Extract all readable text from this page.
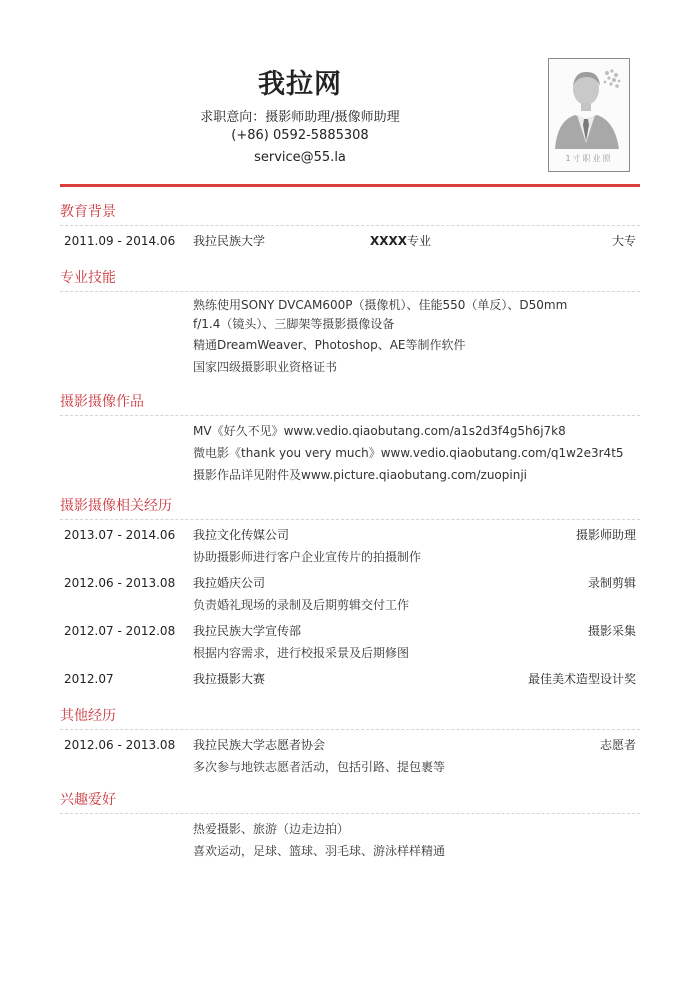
我拉网
求职意向：摄影师助理/摄像师助理
(+86) 0592-5885308
service@55.la	1寸职业照
教育背景
2011.09 - 2014.06 我拉民族大学	XXXX专业	大专
专业技能
熟练使用SONY DVCAM600P（摄像机）、佳能550（单反）、D50mm f/1.4（镜头）、三脚架等摄影摄像设备
精通DreamWeaver、Photoshop、AE等制作软件
国家四级摄影职业资格证书
摄影摄像作品
MV《好久不见》www.vedio.qiaobutang.com/a1s2d3f4g5h6j7k8
微电影《thank you very much》www.vedio.qiaobutang.com/q1w2e3r4t5
摄影作品详见附件及www.picture.qiaobutang.com/zuopinji
摄影摄像相关经历
2013.07 - 2014.06 我拉文化传媒公司	摄影师助理
协助摄影师进行客户企业宣传片的拍摄制作
2012.06 - 2013.08 我拉婚庆公司	录制剪辑
负责婚礼现场的录制及后期剪辑交付工作
2012.07 - 2012.08 我拉民族大学宣传部	摄影采集
根据内容需求，进行校报采景及后期修图
2012.07	我拉摄影大赛	最佳美术造型设计奖
其他经历
2012.06 - 2013.08 我拉民族大学志愿者协会	志愿者
多次参与地铁志愿者活动，包括引路、提包裹等
兴趣爱好
热爱摄影、旅游（边走边拍）
喜欢运动，足球、篮球、羽毛球、游泳样样精通
